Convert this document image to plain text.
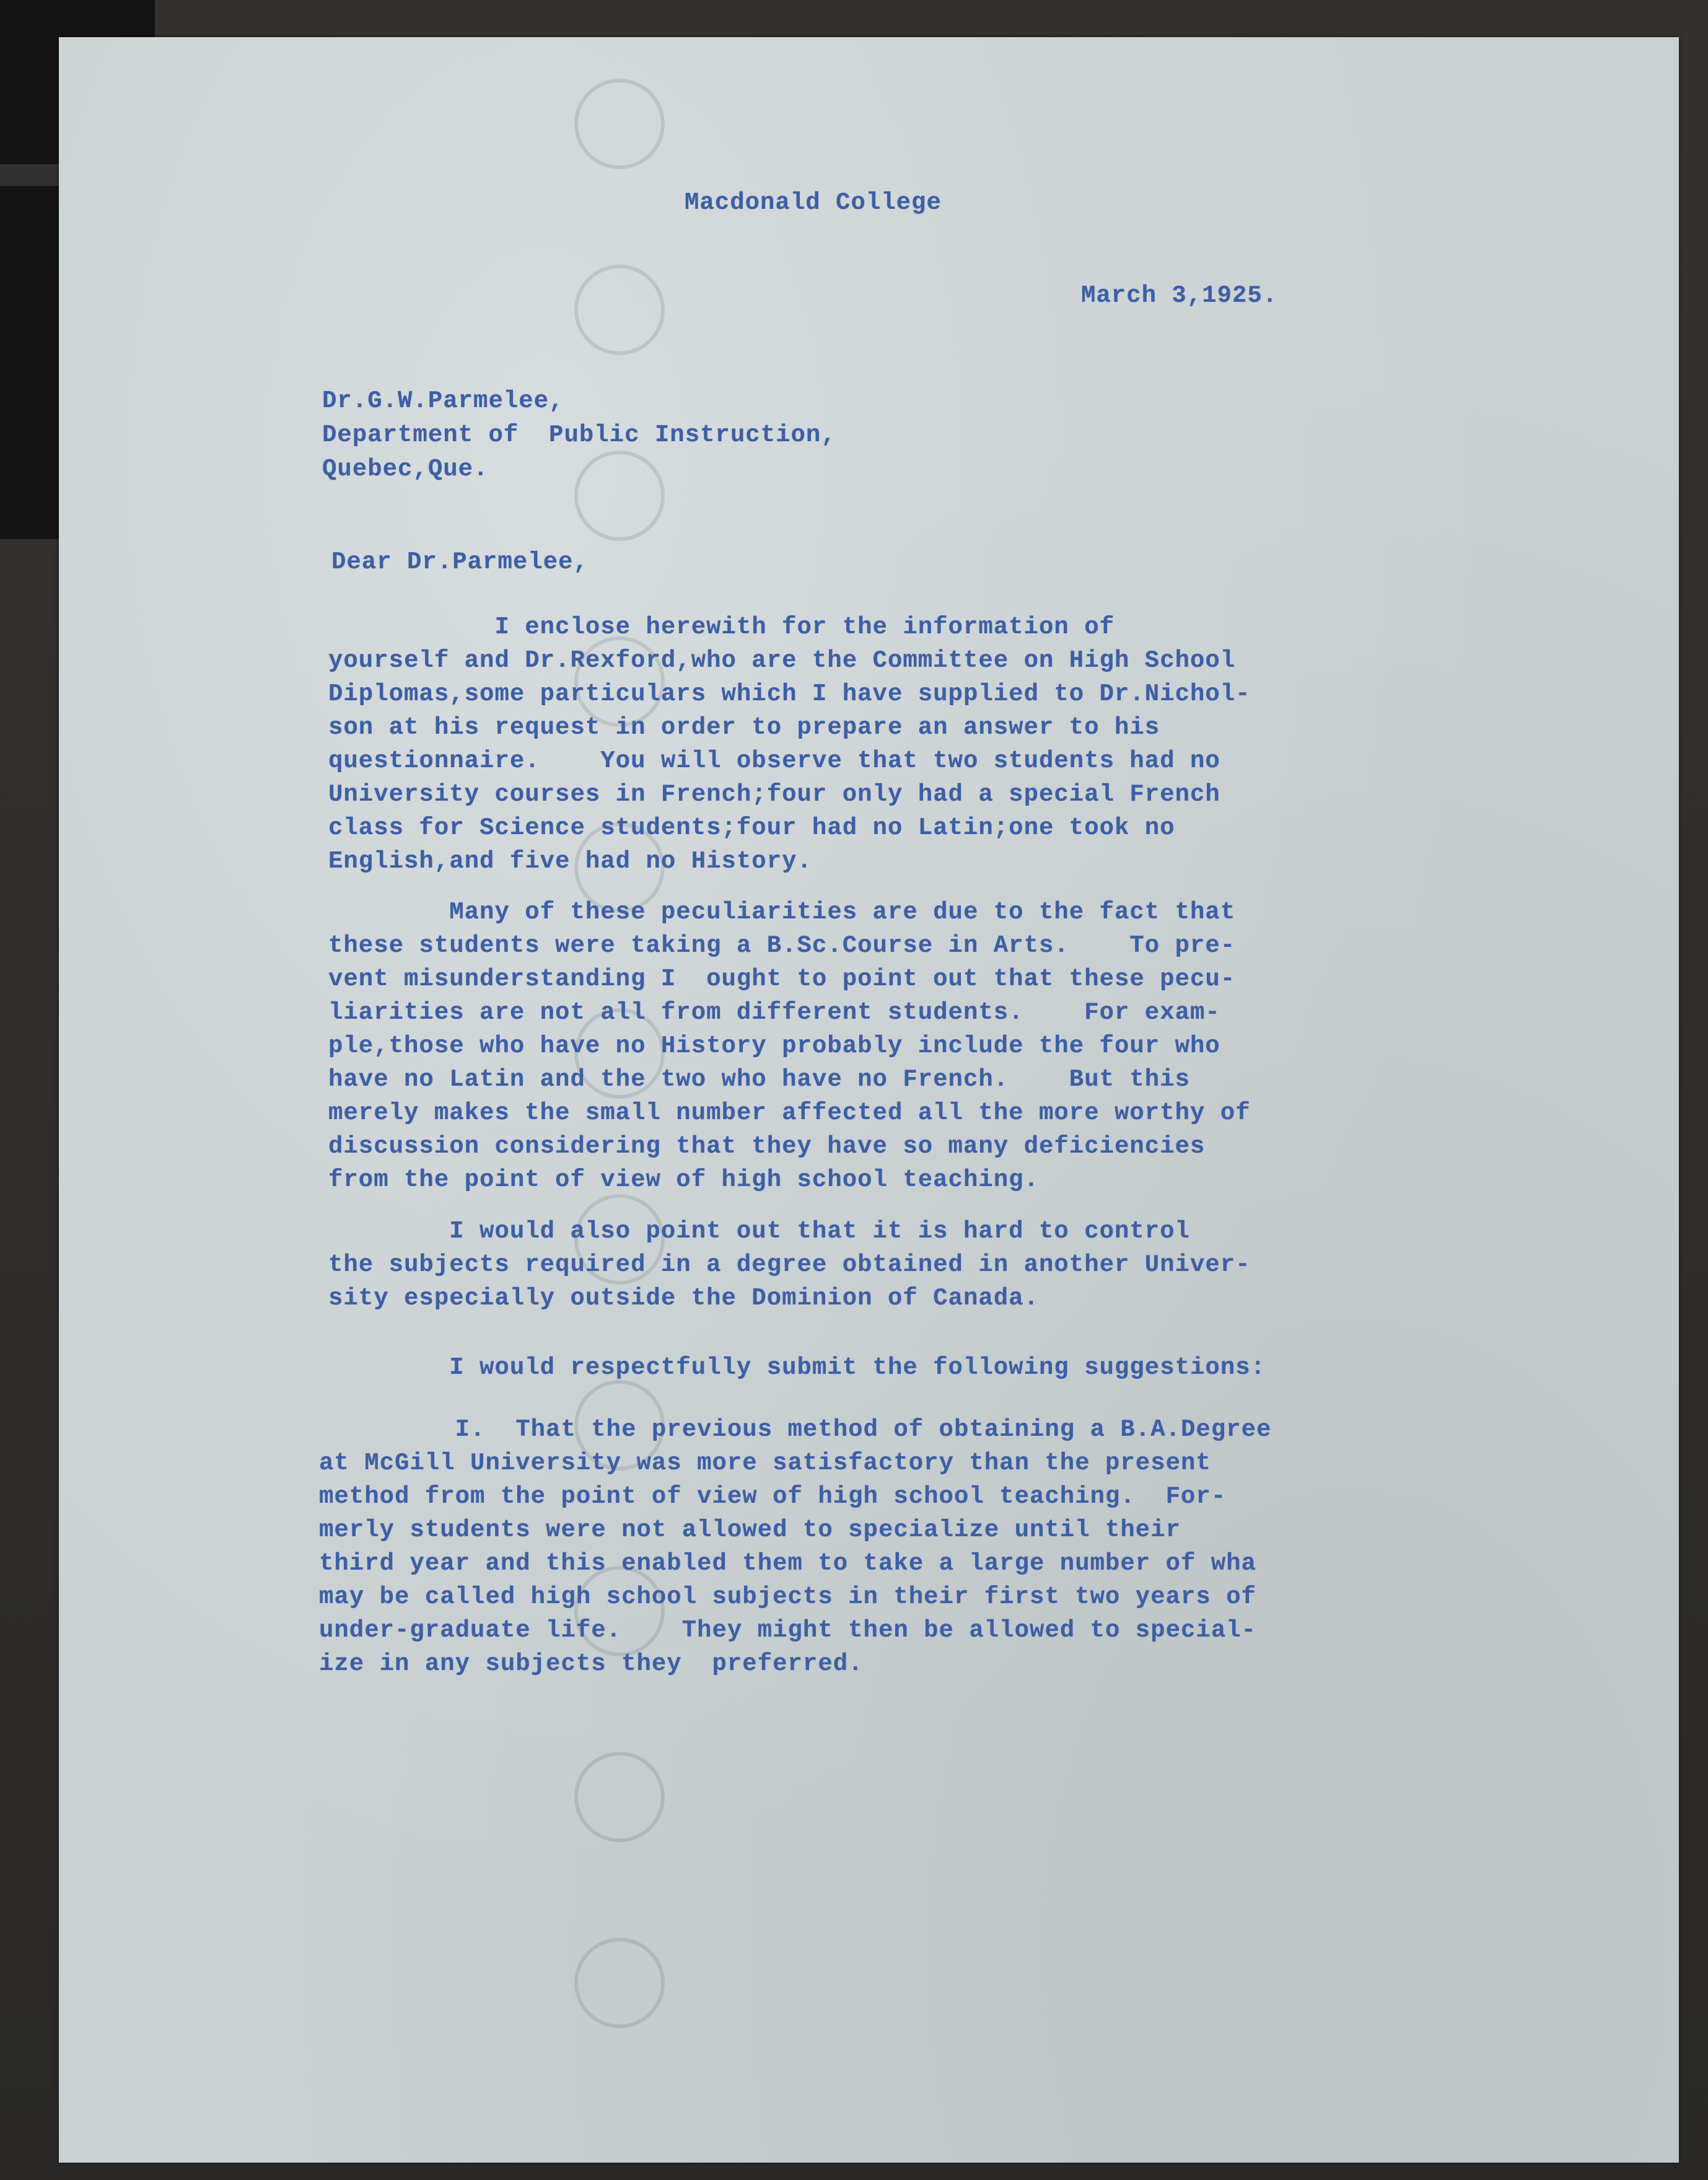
Macdonald College
March 3,1925.
Dr.G.W.Parmelee,
Department of  Public Instruction,
Quebec,Que.
Dear Dr.Parmelee,
I enclose herewith for the information of
yourself and Dr.Rexford,who are the Committee on High School
Diplomas,some particulars which I have supplied to Dr.Nichol-
son at his request in order to prepare an answer to his
questionnaire.    You will observe that two students had no
University courses in French;four only had a special French
class for Science students;four had no Latin;one took no
English,and five had no History.
Many of these peculiarities are due to the fact that
these students were taking a B.Sc.Course in Arts.    To pre-
vent misunderstanding I  ought to point out that these pecu-
liarities are not all from different students.    For exam-
ple,those who have no History probably include the four who
have no Latin and the two who have no French.    But this
merely makes the small number affected all the more worthy of
discussion considering that they have so many deficiencies
from the point of view of high school teaching.
I would also point out that it is hard to control
the subjects required in a degree obtained in another Univer-
sity especially outside the Dominion of Canada.
I would respectfully submit the following suggestions:
I.  That the previous method of obtaining a B.A.Degree
at McGill University was more satisfactory than the present
method from the point of view of high school teaching.  For-
merly students were not allowed to specialize until their
third year and this enabled them to take a large number of wha
may be called high school subjects in their first two years of
under-graduate life.    They might then be allowed to special-
ize in any subjects they  preferred.
